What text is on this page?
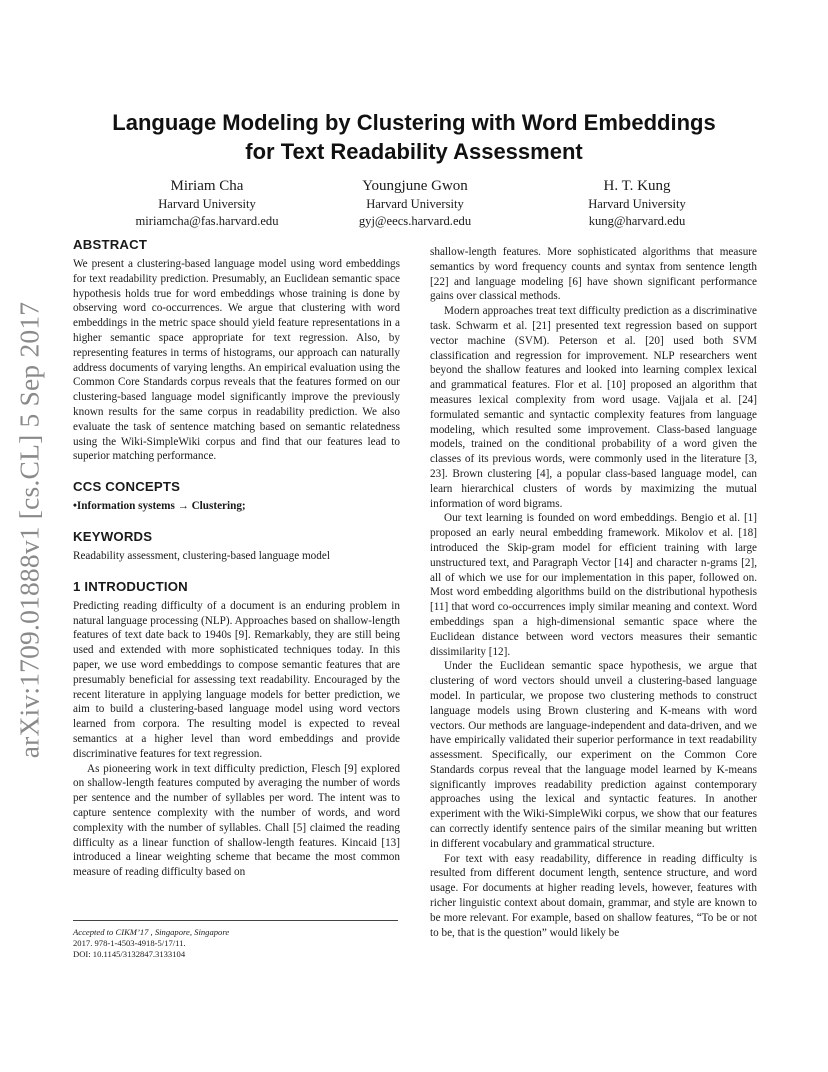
arXiv:1709.01888v1 [cs.CL] 5 Sep 2017
Language Modeling by Clustering with Word Embeddings
for Text Readability Assessment
Miriam Cha
Harvard University
miriamcha@fas.harvard.edu
Youngjune Gwon
Harvard University
gyj@eecs.harvard.edu
H. T. Kung
Harvard University
kung@harvard.edu
ABSTRACT

We present a clustering-based language model using word embeddings for text readability prediction. Presumably, an Euclidean semantic space hypothesis holds true for word embeddings whose training is done by observing word co-occurrences. We argue that clustering with word embeddings in the metric space should yield feature representations in a higher semantic space appropriate for text regression. Also, by representing features in terms of histograms, our approach can naturally address documents of varying lengths. An empirical evaluation using the Common Core Standards corpus reveals that the features formed on our clustering-based language model significantly improve the previously known results for the same corpus in readability prediction. We also evaluate the task of sentence matching based on semantic relatedness using the Wiki-SimpleWiki corpus and find that our features lead to superior matching performance.

CCS CONCEPTS

•Information systems → Clustering;

KEYWORDS

Readability assessment, clustering-based language model

1 INTRODUCTION

Predicting reading difficulty of a document is an enduring problem in natural language processing (NLP). Approaches based on shallow-length features of text date back to 1940s [9]. Remarkably, they are still being used and extended with more sophisticated techniques today. In this paper, we use word embeddings to compose semantic features that are presumably beneficial for assessing text readability. Encouraged by the recent literature in applying language models for better prediction, we aim to build a clustering-based language model using word vectors learned from corpora. The resulting model is expected to reveal semantics at a higher level than word embeddings and provide discriminative features for text regression.

As pioneering work in text difficulty prediction, Flesch [9] explored on shallow-length features computed by averaging the number of words per sentence and the number of syllables per word. The intent was to capture sentence complexity with the number of words, and word complexity with the number of syllables. Chall [5] claimed the reading difficulty as a linear function of shallow-length features. Kincaid [13] introduced a linear weighting scheme that became the most common measure of reading difficulty based on

shallow-length features. More sophisticated algorithms that measure semantics by word frequency counts and syntax from sentence length [22] and language modeling [6] have shown significant performance gains over classical methods.

Modern approaches treat text difficulty prediction as a discriminative task. Schwarm et al. [21] presented text regression based on support vector machine (SVM). Peterson et al. [20] used both SVM classification and regression for improvement. NLP researchers went beyond the shallow features and looked into learning complex lexical and grammatical features. Flor et al. [10] proposed an algorithm that measures lexical complexity from word usage. Vajjala et al. [24] formulated semantic and syntactic complexity features from language modeling, which resulted some improvement. Class-based language models, trained on the conditional probability of a word given the classes of its previous words, were commonly used in the literature [3, 23]. Brown clustering [4], a popular class-based language model, can learn hierarchical clusters of words by maximizing the mutual information of word bigrams.

Our text learning is founded on word embeddings. Bengio et al. [1] proposed an early neural embedding framework. Mikolov et al. [18] introduced the Skip-gram model for efficient training with large unstructured text, and Paragraph Vector [14] and character n-grams [2], all of which we use for our implementation in this paper, followed on. Most word embedding algorithms build on the distributional hypothesis [11] that word co-occurrences imply similar meaning and context. Word embeddings span a high-dimensional semantic space where the Euclidean distance between word vectors measures their semantic dissimilarity [12].

Under the Euclidean semantic space hypothesis, we argue that clustering of word vectors should unveil a clustering-based language model. In particular, we propose two clustering methods to construct language models using Brown clustering and K-means with word vectors. Our methods are language-independent and data-driven, and we have empirically validated their superior performance in text readability assessment. Specifically, our experiment on the Common Core Standards corpus reveal that the language model learned by K-means significantly improves readability prediction against contemporary approaches using the lexical and syntactic features. In another experiment with the Wiki-SimpleWiki corpus, we show that our features can correctly identify sentence pairs of the similar meaning but written in different vocabulary and grammatical structure.

For text with easy readability, difference in reading difficulty is resulted from different document length, sentence structure, and word usage. For documents at higher reading levels, however, features with richer linguistic context about domain, grammar, and style are known to be more relevant. For example, based on shallow features, “To be or not to be, that is the question” would likely be

Accepted to CIKM’17 , Singapore, Singapore
2017. 978-1-4503-4918-5/17/11.
DOI: 10.1145/3132847.3133104
